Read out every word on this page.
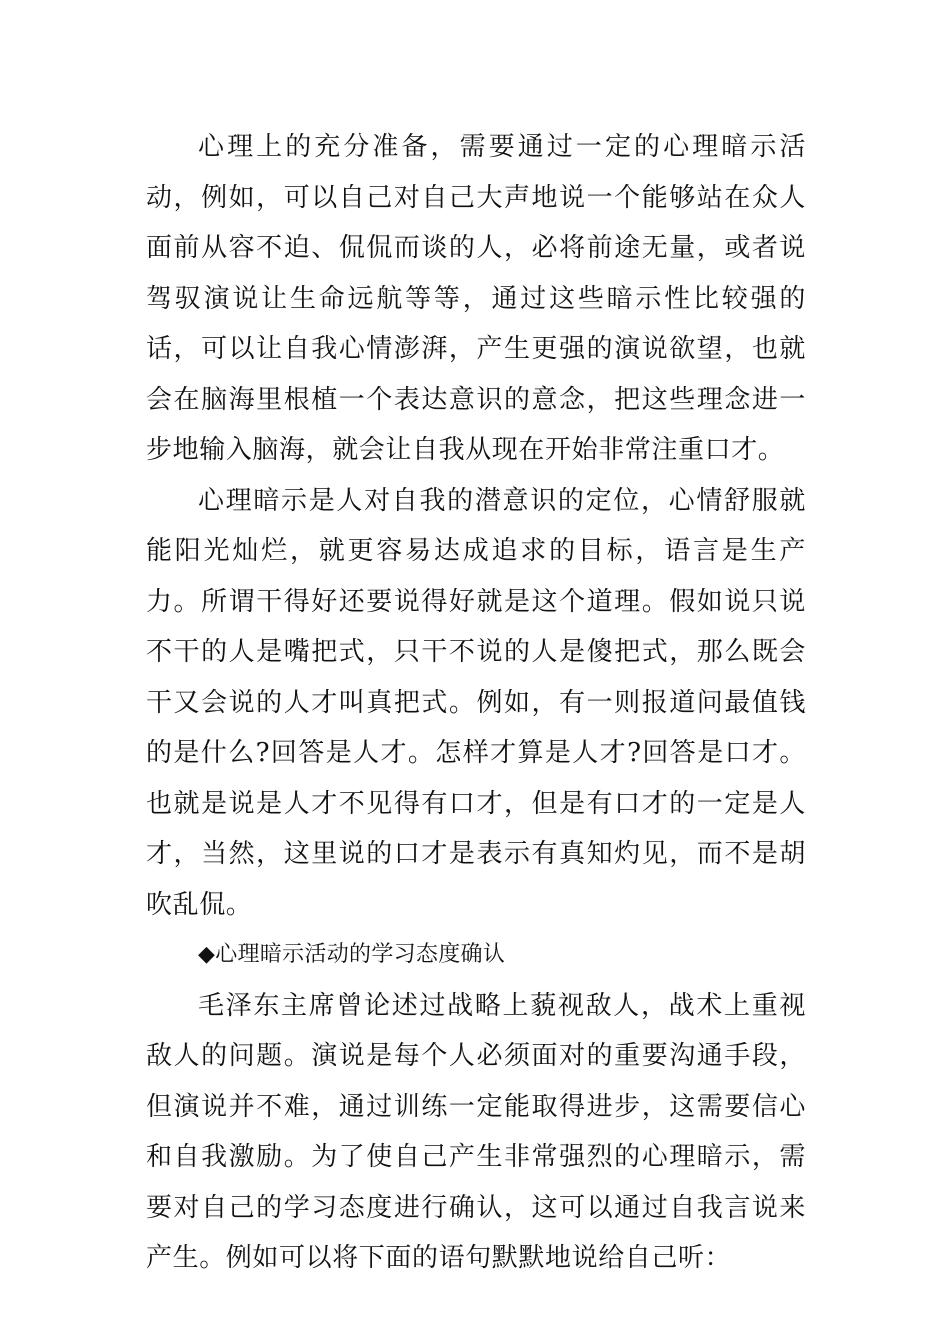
心理上的充分准备，需要通过一定的心理暗示活动，例如，可以自己对自己大声地说一个能够站在众人面前从容不迫、侃侃而谈的人，必将前途无量，或者说驾驭演说让生命远航等等，通过这些暗示性比较强的话，可以让自我心情澎湃，产生更强的演说欲望，也就会在脑海里根植一个表达意识的意念，把这些理念进一步地输入脑海，就会让自我从现在开始非常注重口才。

心理暗示是人对自我的潜意识的定位，心情舒服就能阳光灿烂，就更容易达成追求的目标，语言是生产力。所谓干得好还要说得好就是这个道理。假如说只说不干的人是嘴把式，只干不说的人是傻把式，那么既会干又会说的人才叫真把式。例如，有一则报道问最值钱的是什么?回答是人才。怎样才算是人才?回答是口才。也就是说是人才不见得有口才，但是有口才的一定是人才，当然，这里说的口才是表示有真知灼见，而不是胡吹乱侃。

◆心理暗示活动的学习态度确认

毛泽东主席曾论述过战略上藐视敌人，战术上重视敌人的问题。演说是每个人必须面对的重要沟通手段，但演说并不难，通过训练一定能取得进步，这需要信心和自我激励。为了使自己产生非常强烈的心理暗示，需要对自己的学习态度进行确认，这可以通过自我言说来产生。例如可以将下面的语句默默地说给自己听：
